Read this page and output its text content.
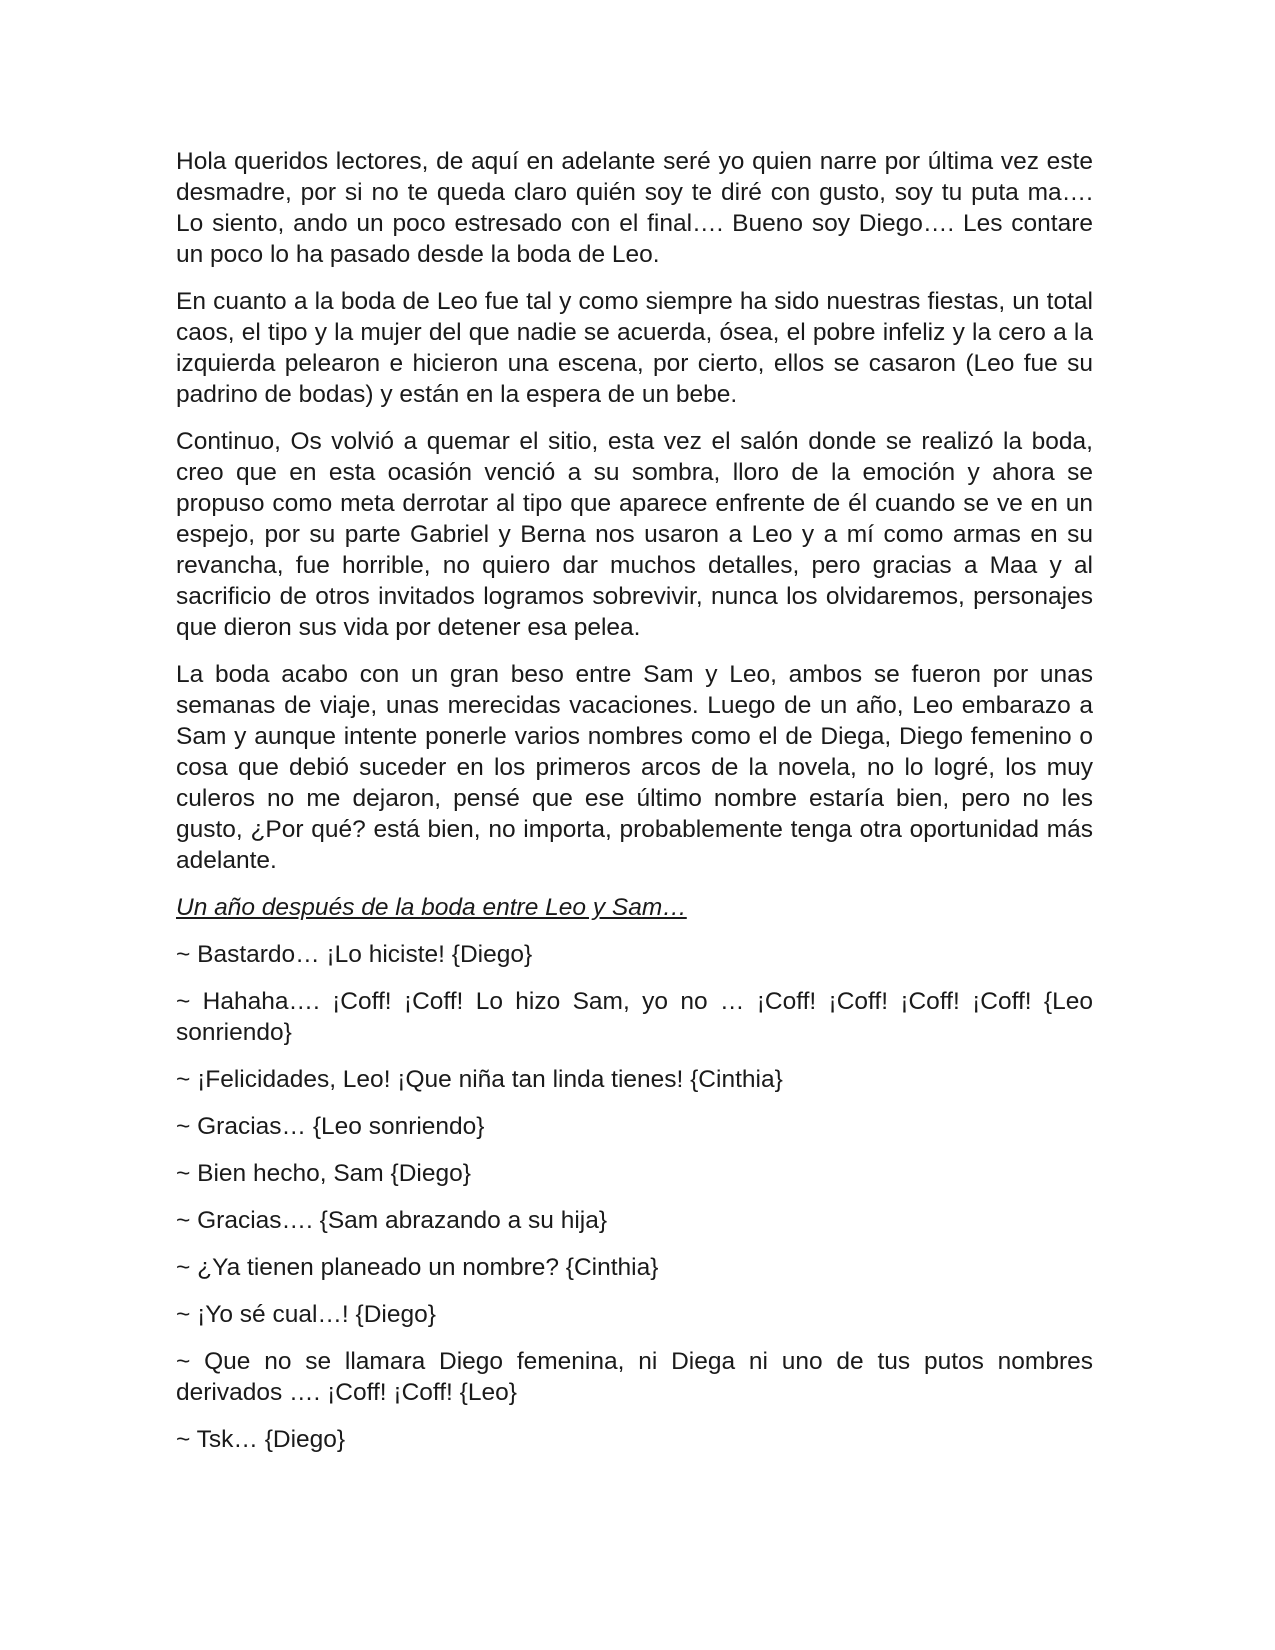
Hola queridos lectores, de aquí en adelante seré yo quien narre por última vez este desmadre, por si no te queda claro quién soy te diré con gusto, soy tu puta ma…. Lo siento, ando un poco estresado con el final…. Bueno soy Diego…. Les contare un poco lo ha pasado desde la boda de Leo.

En cuanto a la boda de Leo fue tal y como siempre ha sido nuestras fiestas, un total caos, el tipo y la mujer del que nadie se acuerda, ósea, el pobre infeliz y la cero a la izquierda pelearon e hicieron una escena, por cierto, ellos se casaron (Leo fue su padrino de bodas) y están en la espera de un bebe.

Continuo, Os volvió a quemar el sitio, esta vez el salón donde se realizó la boda, creo que en esta ocasión venció a su sombra, lloro de la emoción y ahora se propuso como meta derrotar al tipo que aparece enfrente de él cuando se ve en un espejo, por su parte Gabriel y Berna nos usaron a Leo y a mí como armas en su revancha, fue horrible, no quiero dar muchos detalles, pero gracias a Maa y al sacrificio de otros invitados logramos sobrevivir, nunca los olvidaremos, personajes que dieron sus vida por detener esa pelea.

La boda acabo con un gran beso entre Sam y Leo, ambos se fueron por unas semanas de viaje, unas merecidas vacaciones. Luego de un año, Leo embarazo a Sam y aunque intente ponerle varios nombres como el de Diega, Diego femenino o cosa que debió suceder en los primeros arcos de la novela, no lo logré, los muy culeros no me dejaron, pensé que ese último nombre estaría bien, pero no les gusto, ¿Por qué? está bien, no importa, probablemente tenga otra oportunidad más adelante.

Un año después de la boda entre Leo y Sam…

~ Bastardo… ¡Lo hiciste! {Diego}

~ Hahaha…. ¡Coff! ¡Coff! Lo hizo Sam, yo no … ¡Coff! ¡Coff! ¡Coff! ¡Coff! {Leo sonriendo}

~ ¡Felicidades, Leo! ¡Que niña tan linda tienes! {Cinthia}

~ Gracias… {Leo sonriendo}

~ Bien hecho, Sam {Diego}

~ Gracias…. {Sam abrazando a su hija}

~ ¿Ya tienen planeado un nombre? {Cinthia}

~ ¡Yo sé cual…! {Diego}

~ Que no se llamara Diego femenina, ni Diega ni uno de tus putos nombres derivados …. ¡Coff! ¡Coff! {Leo}

~ Tsk… {Diego}
